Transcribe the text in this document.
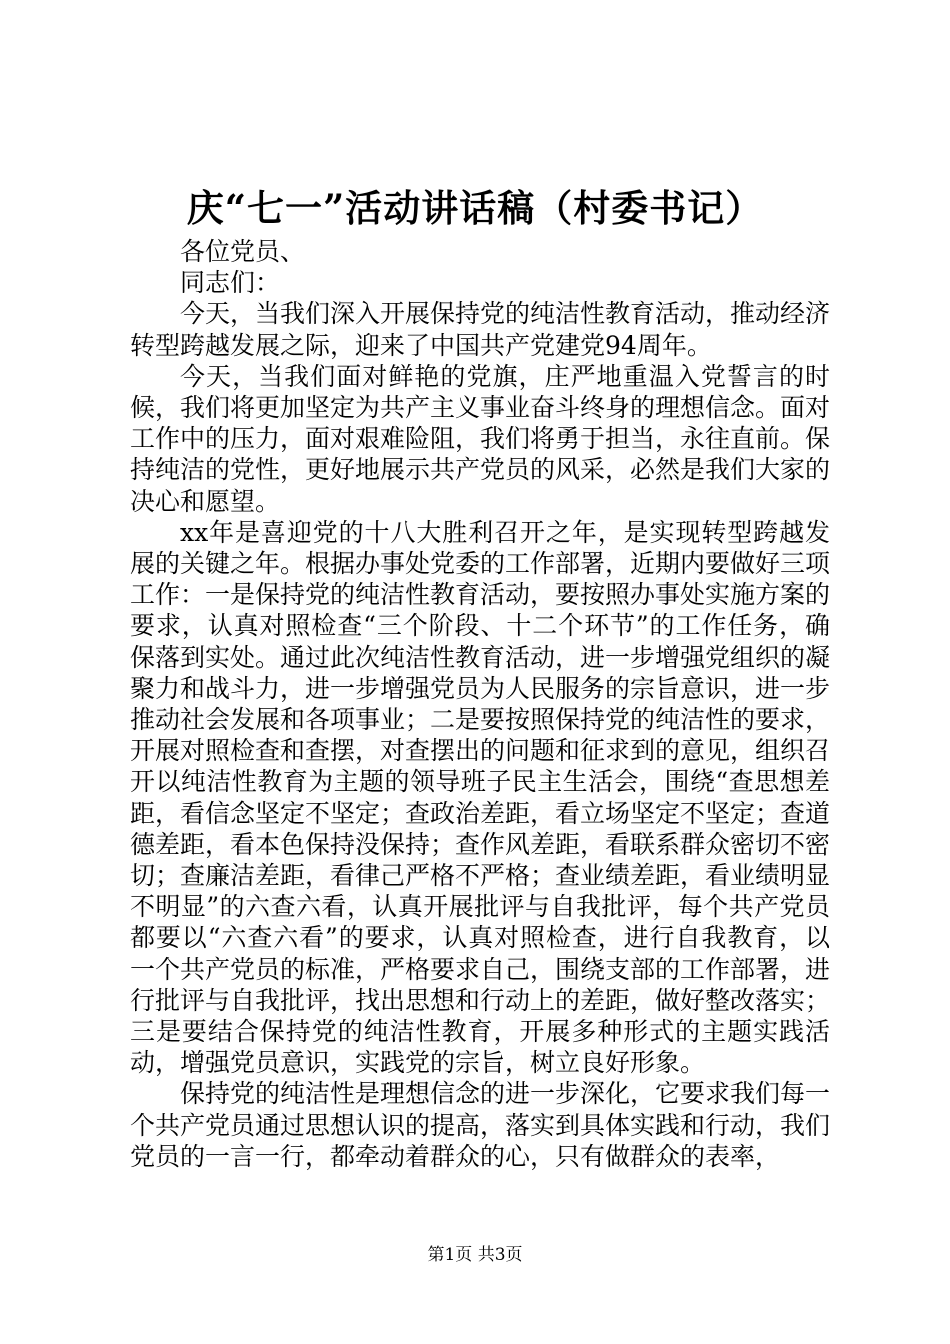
庆“七一”活动讲话稿（村委书记）

各位党员、

同志们：

今天，当我们深入开展保持党的纯洁性教育活动，推动经济转型跨越发展之际，迎来了中国共产党建党94周年。

今天，当我们面对鲜艳的党旗，庄严地重温入党誓言的时候，我们将更加坚定为共产主义事业奋斗终身的理想信念。面对工作中的压力，面对艰难险阻，我们将勇于担当，永往直前。保持纯洁的党性，更好地展示共产党员的风采，必然是我们大家的决心和愿望。

xx年是喜迎党的十八大胜利召开之年，是实现转型跨越发展的关键之年。根据办事处党委的工作部署，近期内要做好三项工作：一是保持党的纯洁性教育活动，要按照办事处实施方案的要求，认真对照检查“三个阶段、十二个环节”的工作任务，确保落到实处。通过此次纯洁性教育活动，进一步增强党组织的凝聚力和战斗力，进一步增强党员为人民服务的宗旨意识，进一步推动社会发展和各项事业；二是要按照保持党的纯洁性的要求，开展对照检查和查摆，对查摆出的问题和征求到的意见，组织召开以纯洁性教育为主题的领导班子民主生活会，围绕“查思想差距，看信念坚定不坚定；查政治差距，看立场坚定不坚定；查道德差距，看本色保持没保持；查作风差距，看联系群众密切不密切；查廉洁差距，看律己严格不严格；查业绩差距，看业绩明显不明显”的六查六看，认真开展批评与自我批评，每个共产党员都要以“六查六看”的要求，认真对照检查，进行自我教育，以一个共产党员的标准，严格要求自己，围绕支部的工作部署，进行批评与自我批评，找出思想和行动上的差距，做好整改落实；三是要结合保持党的纯洁性教育，开展多种形式的主题实践活动，增强党员意识，实践党的宗旨，树立良好形象。

保持党的纯洁性是理想信念的进一步深化，它要求我们每一个共产党员通过思想认识的提高，落实到具体实践和行动，我们党员的一言一行，都牵动着群众的心，只有做群众的表率，

第1页 共3页
